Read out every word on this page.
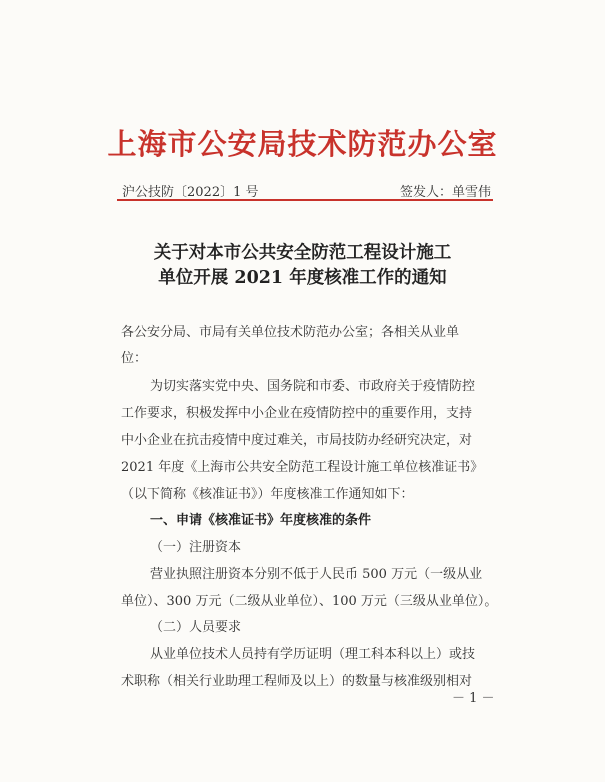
上海市公安局技术防范办公室
沪公技防〔2022〕1 号	签发人：单雪伟
关于对本市公共安全防范工程设计施工
单位开展 2021 年度核准工作的通知
各公安分局、市局有关单位技术防范办公室；各相关从业单
位：
为切实落实党中央、国务院和市委、市政府关于疫情防控
工作要求，积极发挥中小企业在疫情防控中的重要作用，支持
中小企业在抗击疫情中度过难关，市局技防办经研究决定，对
2021 年度《上海市公共安全防范工程设计施工单位核准证书》
（以下简称《核准证书》）年度核准工作通知如下：
一、申请《核准证书》年度核准的条件
（一）注册资本
营业执照注册资本分别不低于人民币 500 万元（一级从业
单位）、300 万元（二级从业单位）、100 万元（三级从业单位）。
（二）人员要求
从业单位技术人员持有学历证明（理工科本科以上）或技
术职称（相关行业助理工程师及以上）的数量与核准级别相对
－ 1 －
